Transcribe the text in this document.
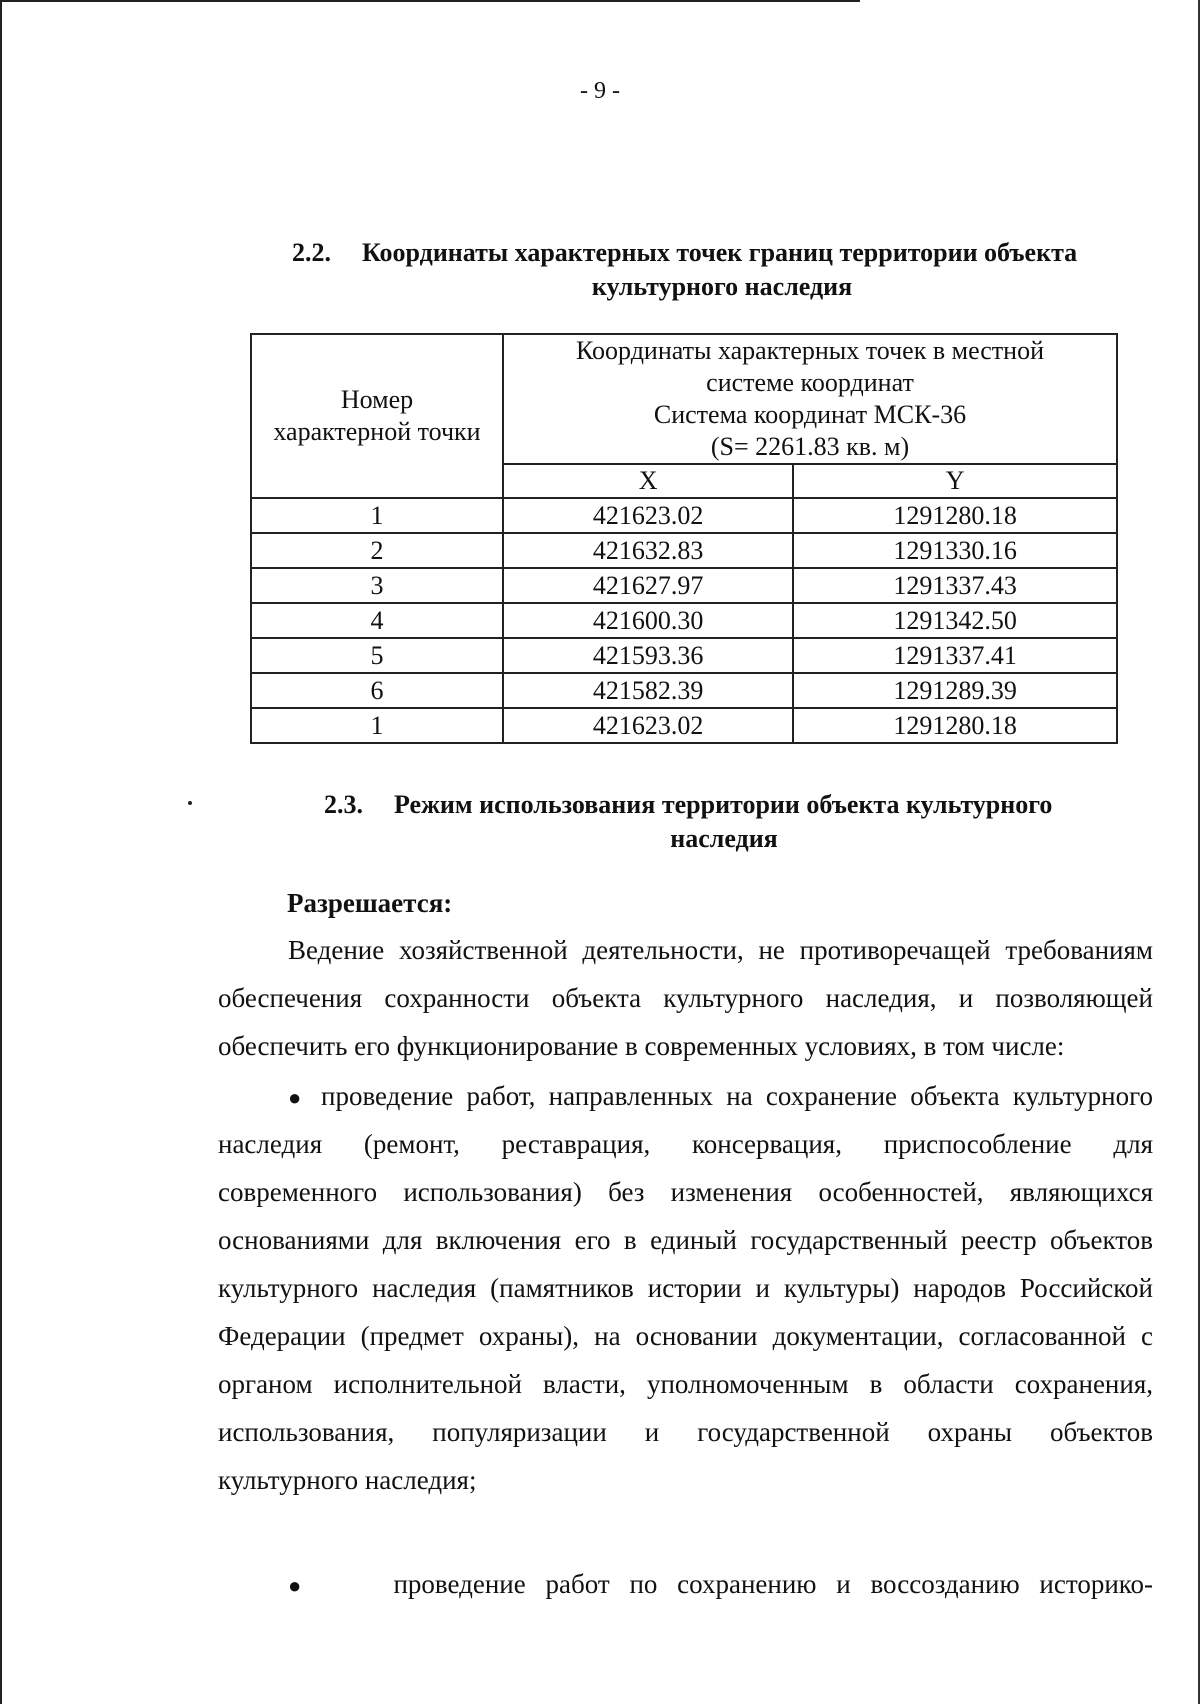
- 9 -
2.2. Координаты характерных точек границ территории объекта
культурного наследия
Номер
характерной точки	Координаты характерных точек в местной
системе координат
Система координат МСК-36
(S= 2261.83 кв. м)	
	X	Y
1	421623.02	1291280.18
2	421632.83	1291330.16
3	421627.97	1291337.43
4	421600.30	1291342.50
5	421593.36	1291337.41
6	421582.39	1291289.39
1	421623.02	1291280.18
2.3. Режим использования территории объекта культурного
наследия
Разрешается:
Ведение хозяйственной деятельности, не противоречащей требованиям
обеспечения сохранности объекта культурного наследия, и позволяющей
обеспечить его функционирование в современных условиях, в том числе:
● проведение работ, направленных на сохранение объекта культурного
наследия (ремонт, реставрация, консервация, приспособление для
современного использования) без изменения особенностей, являющихся
основаниями для включения его в единый государственный реестр объектов
культурного наследия (памятников истории и культуры) народов Российской
Федерации (предмет охраны), на основании документации, согласованной с
органом исполнительной власти, уполномоченным в области сохранения,
использования, популяризации и государственной охраны объектов
культурного наследия;
●	проведение работ по сохранению и воссозданию историко-
